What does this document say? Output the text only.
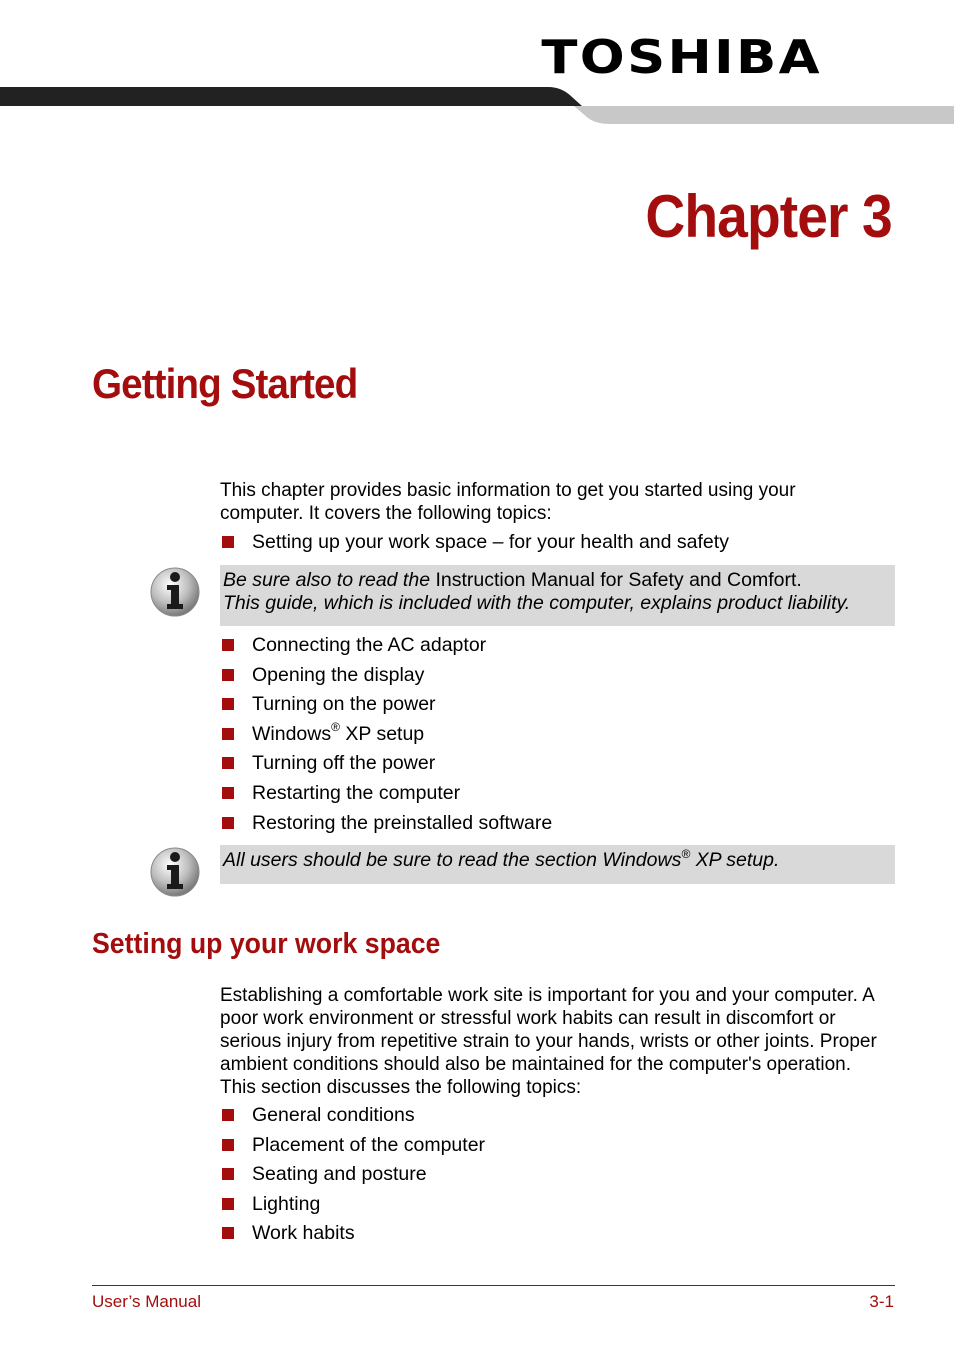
TOSHIBA
Chapter 3
Getting Started

This chapter provides basic information to get you started using your computer. It covers the following topics:

Setting up your work space – for your health and safety
Be sure also to read the Instruction Manual for Safety and Comfort.
This guide, which is included with the computer, explains product liability.
Connecting the AC adaptor
Opening the display
Turning on the power
Windows® XP setup
Turning off the power
Restarting the computer
Restoring the preinstalled software
All users should be sure to read the section Windows® XP setup.
Setting up your work space

Establishing a comfortable work site is important for you and your computer. A poor work environment or stressful work habits can result in discomfort or serious injury from repetitive strain to your hands, wrists or other joints. Proper ambient conditions should also be maintained for the computer's operation. This section discusses the following topics:

General conditions
Placement of the computer
Seating and posture
Lighting
Work habits
User’s Manual	3-1
